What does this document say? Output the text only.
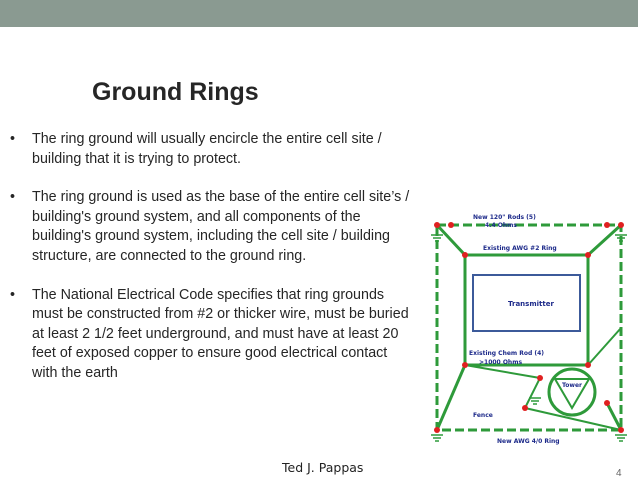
Ground Rings
• The ring ground will usually encircle the entire cell site / building that it is trying to protect.
• The ring ground is used as the base of the entire cell site’s / building's ground system, and all components of the building's ground system, including the cell site / building structure, are connected to the ground ring.
• The National Electrical Code specifies that ring grounds must be constructed from #2 or thicker wire, must be buried at least 2 1/2 feet underground, and must have at least 20 feet of exposed copper to ensure good electrical contact with the earth
New 120" Rods (5)
4.4 Ohms
Existing AWG #2 Ring
Transmitter
Existing Chem Rod (4)
>1000 Ohms
Tower
Fence
New AWG 4/0 Ring
Ted J. Pappas	4
